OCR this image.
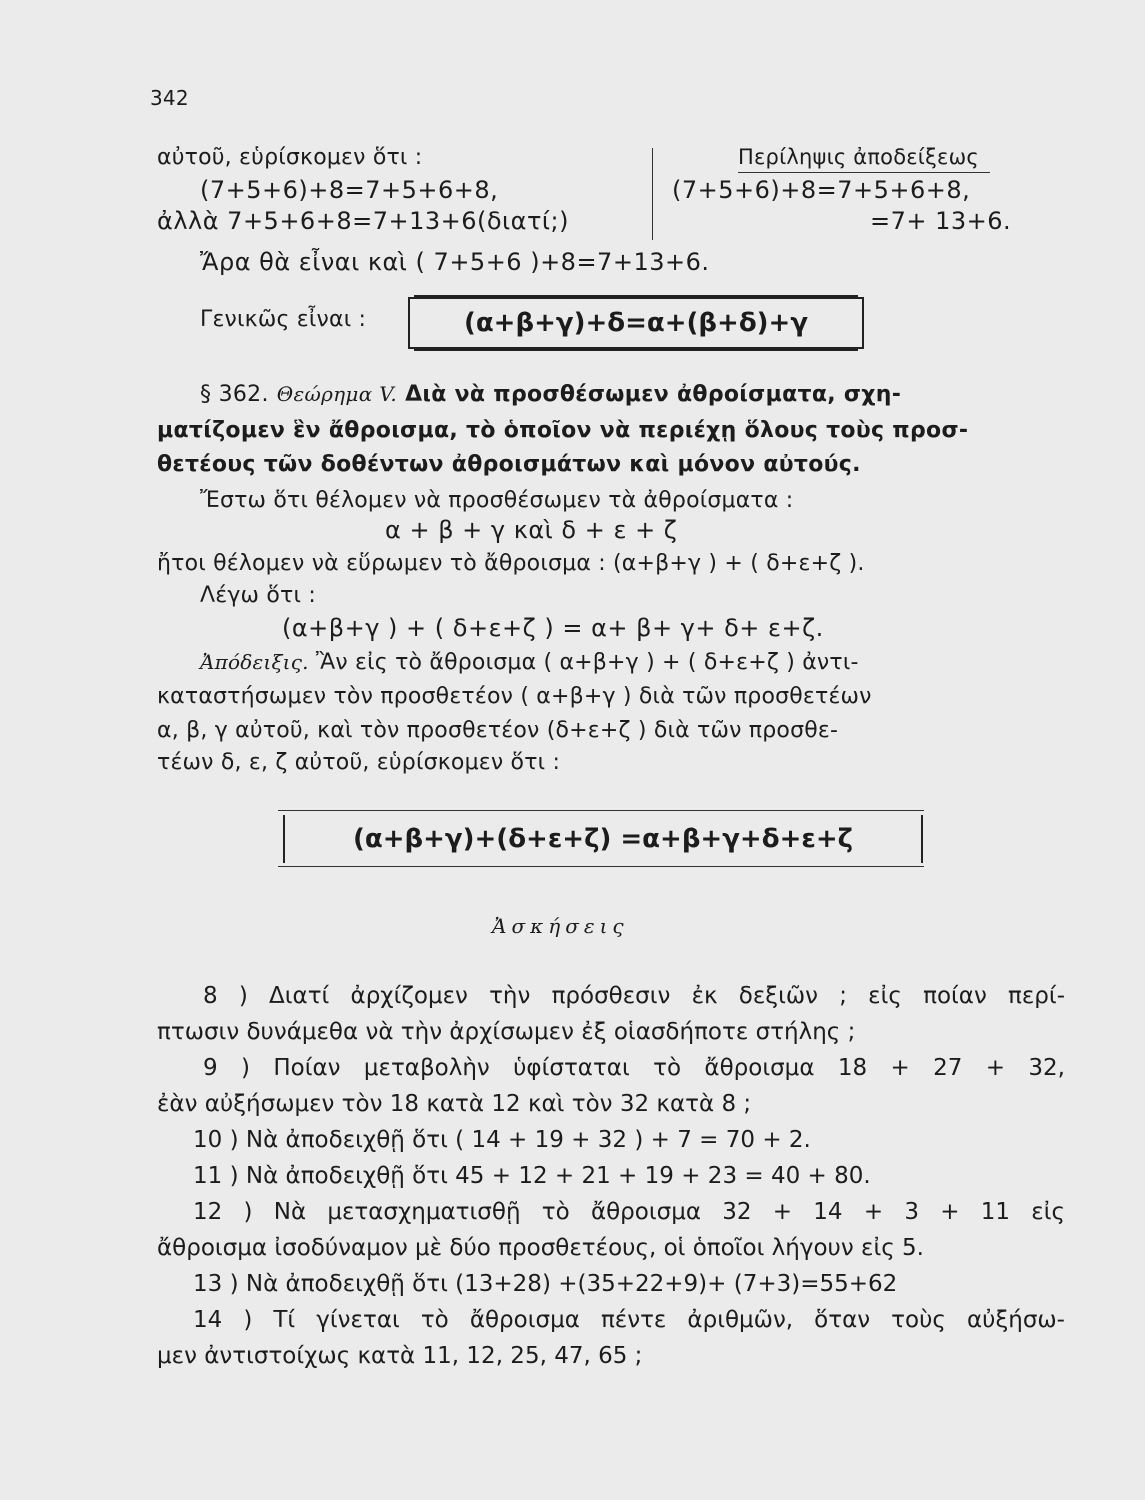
342
αὐτοῦ, εὑρίσκομεν ὅτι :
(7+5+6)+8=7+5+6+8,
ἀλλὰ 7+5+6+8=7+13+6(διατί;)
Περίληψις ἀποδείξεως
(7+5+6)+8=7+5+6+8,
=7+ 13+6.
Ἄρα θὰ εἶναι καὶ ( 7+5+6 )+8=7+13+6.
Γενικῶς εἶναι :	(α+β+γ)+δ=α+(β+δ)+γ
§ 362. Θεώρημα V. Διὰ νὰ προσθέσωμεν ἀθροίσματα, σχη-
ματίζομεν ἓν ἄθροισμα, τὸ ὁποῖον νὰ περιέχῃ ὅλους τοὺς προσ-
θετέους τῶν δοθέντων ἀθροισμάτων καὶ μόνον αὐτούς.
Ἔστω ὅτι θέλομεν νὰ προσθέσωμεν τὰ ἀθροίσματα :
α + β + γ καὶ δ + ε + ζ
ἤτοι θέλομεν νὰ εὕρωμεν τὸ ἄθροισμα : (α+β+γ ) + ( δ+ε+ζ ).
Λέγω ὅτι :
(α+β+γ ) + ( δ+ε+ζ ) = α+ β+ γ+ δ+ ε+ζ.
Ἀπόδειξις. Ἂν εἰς τὸ ἄθροισμα ( α+β+γ ) + ( δ+ε+ζ ) ἀντι-
καταστήσωμεν τὸν προσθετέον ( α+β+γ ) διὰ τῶν προσθετέων
α, β, γ αὐτοῦ, καὶ τὸν προσθετέον (δ+ε+ζ ) διὰ τῶν προσθε-
τέων δ, ε, ζ αὐτοῦ, εὑρίσκομεν ὅτι :
(α+β+γ)+(δ+ε+ζ) =α+β+γ+δ+ε+ζ
Ἀσκήσεις
8 ) Διατί ἀρχίζομεν τὴν πρόσθεσιν ἐκ δεξιῶν ; εἰς ποίαν περί-
πτωσιν δυνάμεθα νὰ τὴν ἀρχίσωμεν ἐξ οἱασδήποτε στήλης ;
9 ) Ποίαν μεταβολὴν ὑφίσταται τὸ ἄθροισμα 18 + 27 + 32,
ἐὰν αὐξήσωμεν τὸν 18 κατὰ 12 καὶ τὸν 32 κατὰ 8 ;
10 ) Νὰ ἀποδειχθῇ ὅτι ( 14 + 19 + 32 ) + 7 = 70 + 2.
11 ) Νὰ ἀποδειχθῇ ὅτι 45 + 12 + 21 + 19 + 23 = 40 + 80.
12 ) Νὰ μετασχηματισθῇ τὸ ἄθροισμα 32 + 14 + 3 + 11 εἰς
ἄθροισμα ἰσοδύναμον μὲ δύο προσθετέους, οἱ ὁποῖοι λήγουν εἰς 5.
13 ) Νὰ ἀποδειχθῇ ὅτι (13+28) +(35+22+9)+ (7+3)=55+62
14 ) Τί γίνεται τὸ ἄθροισμα πέντε ἀριθμῶν, ὅταν τοὺς αὐξήσω-
μεν ἀντιστοίχως κατὰ 11, 12, 25, 47, 65 ;
